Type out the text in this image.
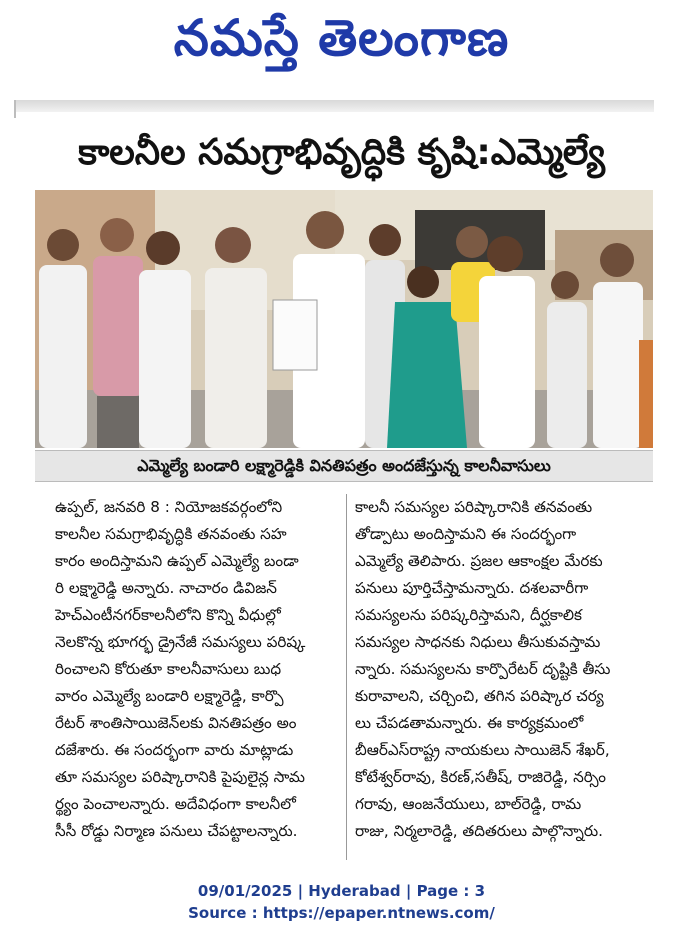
నమస్తే తెలంగాణ
కాలనీల సమగ్రాభివృద్ధికి కృషి:ఎమ్మెల్యే
ఎమ్మెల్యే బండారి లక్ష్మారెడ్డికి వినతిపత్రం అందజేస్తున్న కాలనీవాసులు
ఉప్పల్, జనవరి 8 : నియోజకవర్గంలోని
కాలనీల సమగ్రాభివృద్ధికి తనవంతు సహ
కారం అందిస్తామని ఉప్పల్ ఎమ్మెల్యే బండా
రి లక్ష్మారెడ్డి అన్నారు. నాచారం డివిజన్
హెచ్ఎంటీనగర్‌కాలనీలోని కొన్ని వీధుల్లో
నెలకొన్న భూగర్భ డ్రైనేజీ సమస్యలు పరిష్క
రించాలని కోరుతూ కాలనీవాసులు బుధ
వారం ఎమ్మెల్యే బండారి లక్ష్మారెడ్డి, కార్పొ
రేటర్ శాంతిసాయిజెన్‌లకు వినతిపత్రం అం
దజేశారు. ఈ సందర్భంగా వారు మాట్లాడు
తూ సమస్యల పరిష్కారానికి పైపులైన్ల సామ
ర్థ్యం పెంచాలన్నారు. అదేవిధంగా కాలనీలో
సీసీ రోడ్డు నిర్మాణ పనులు చేపట్టాలన్నారు.
కాలనీ సమస్యల పరిష్కారానికి తనవంతు
తోడ్పాటు అందిస్తామని ఈ సందర్భంగా
ఎమ్మెల్యే తెలిపారు. ప్రజల ఆకాంక్షల మేరకు
పనులు పూర్తిచేస్తామన్నారు. దశలవారీగా
సమస్యలను పరిష్కరిస్తామని, దీర్ఘకాలిక
సమస్యల సాధనకు నిధులు తీసుకువస్తామ
న్నారు. సమస్యలను కార్పొరేటర్ దృష్టికి తీసు
కురావాలని, చర్చించి, తగిన పరిష్కార చర్య
లు చేపడతామన్నారు. ఈ కార్యక్రమంలో
బీఆర్ఎస్‌రాష్ట్ర నాయకులు సాయిజెన్ శేఖర్,
కోటేశ్వర్‌రావు, కిరణ్,సతీష్, రాజిరెడ్డి, నర్సిం
గరావు, ఆంజనేయులు, బాల్‌రెడ్డి, రామ
రాజు, నిర్మలారెడ్డి, తదితరులు పాల్గొన్నారు.
09/01/2025 | Hyderabad | Page : 3
Source : https://epaper.ntnews.com/
